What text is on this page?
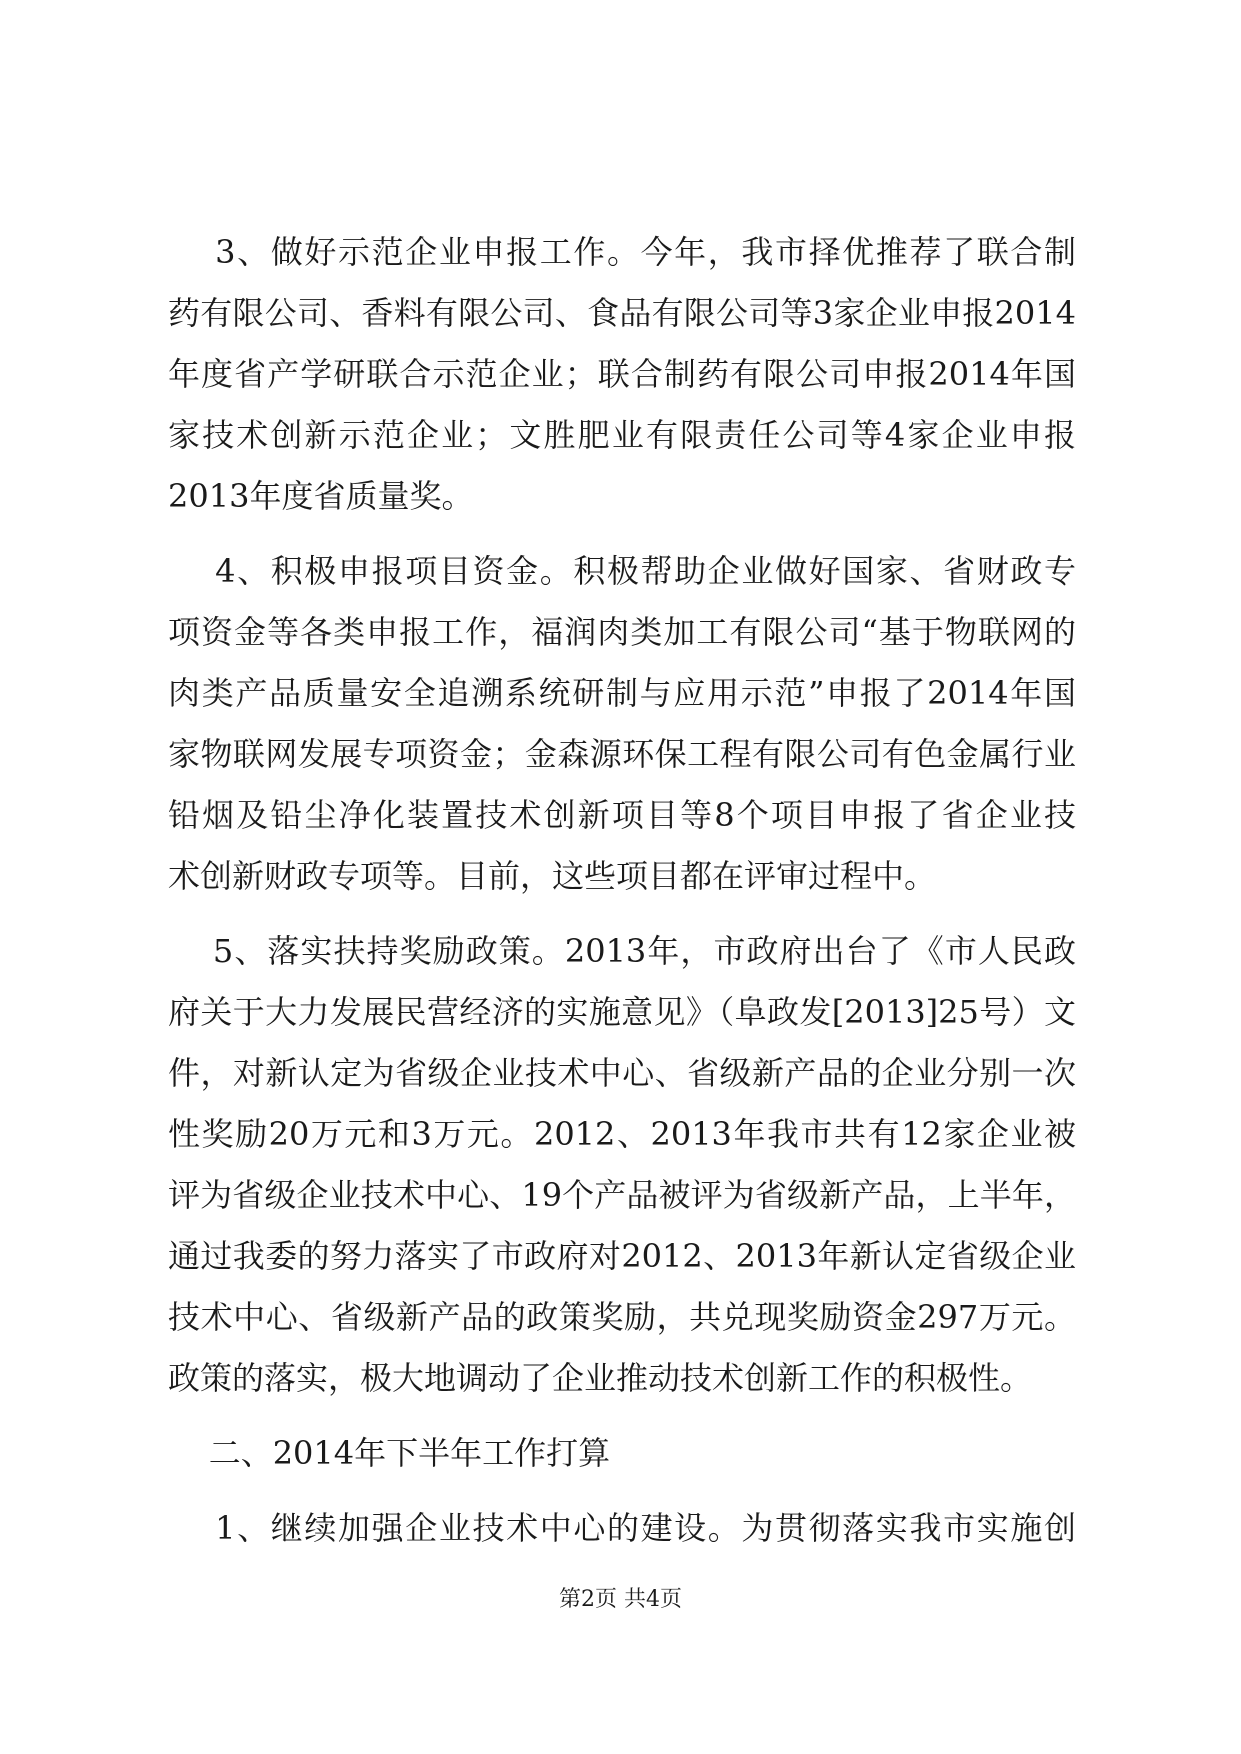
3、做好示范企业申报工作。今年，我市择优推荐了联合制
药有限公司、香料有限公司、食品有限公司等3家企业申报2014
年度省产学研联合示范企业；联合制药有限公司申报2014年国
家技术创新示范企业；文胜肥业有限责任公司等4家企业申报
2013年度省质量奖。
4、积极申报项目资金。积极帮助企业做好国家、省财政专
项资金等各类申报工作，福润肉类加工有限公司“基于物联网的
肉类产品质量安全追溯系统研制与应用示范”申报了2014年国
家物联网发展专项资金；金森源环保工程有限公司有色金属行业
铅烟及铅尘净化装置技术创新项目等8个项目申报了省企业技
术创新财政专项等。目前，这些项目都在评审过程中。
5、落实扶持奖励政策。2013年，市政府出台了《市人民政
府关于大力发展民营经济的实施意见》（阜政发[2013]25号）文
件，对新认定为省级企业技术中心、省级新产品的企业分别一次
性奖励20万元和3万元。2012、2013年我市共有12家企业被
评为省级企业技术中心、19个产品被评为省级新产品，上半年，
通过我委的努力落实了市政府对2012、2013年新认定省级企业
技术中心、省级新产品的政策奖励，共兑现奖励资金297万元。
政策的落实，极大地调动了企业推动技术创新工作的积极性。
二、2014年下半年工作打算
1、继续加强企业技术中心的建设。为贯彻落实我市实施创
第2页 共4页
